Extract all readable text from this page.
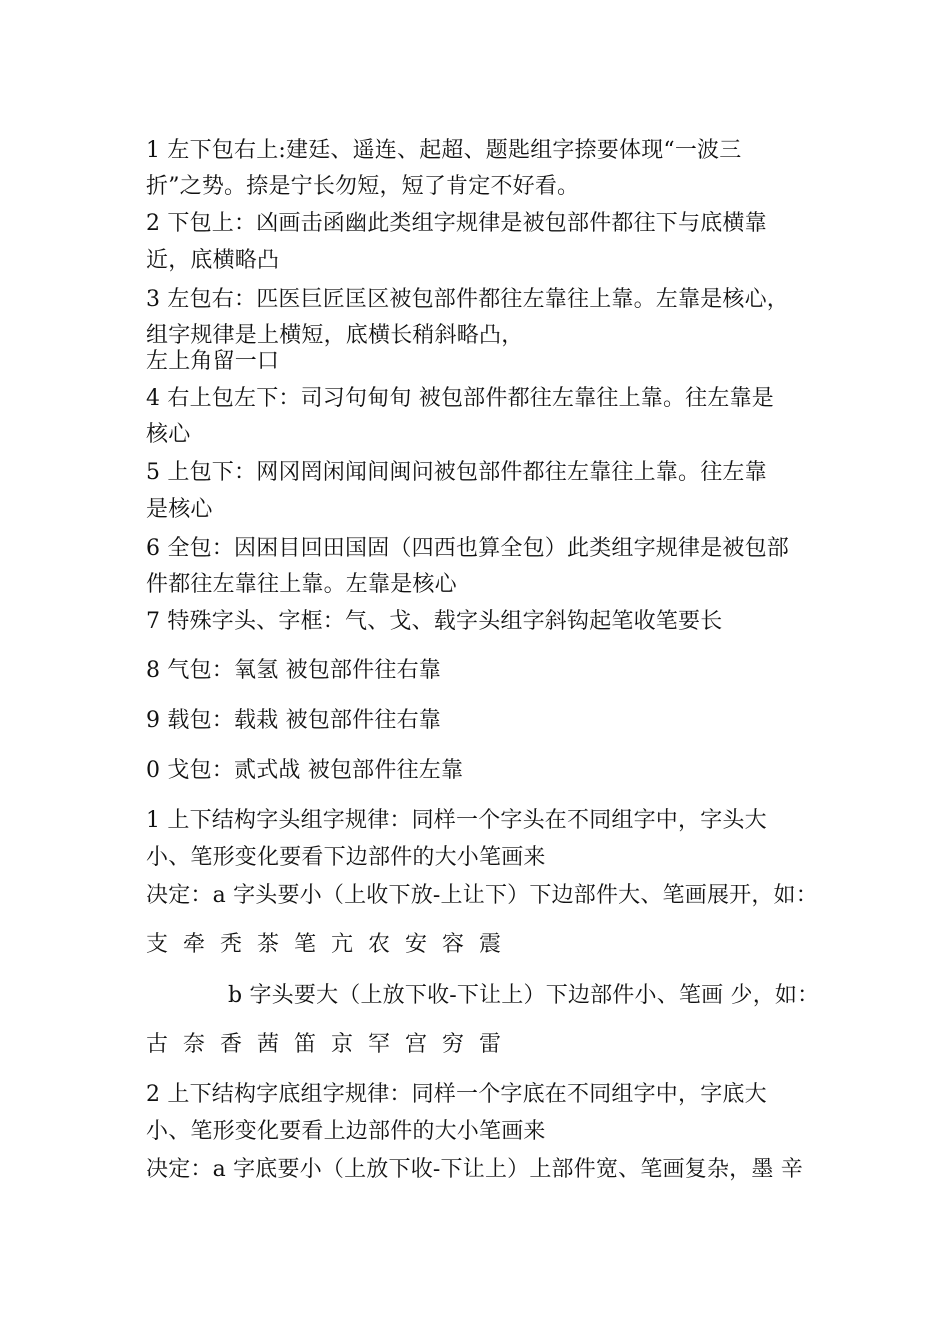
1 左下包右上:建廷、遥连、起超、题匙组字捺要体现“一波三
折”之势。捺是宁长勿短，短了肯定不好看。
2 下包上：凶画击函幽此类组字规律是被包部件都往下与底横靠
近，底横略凸
3 左包右：匹医巨匠匡区被包部件都往左靠往上靠。左靠是核心，
组字规律是上横短，底横长稍斜略凸，
左上角留一口
4 右上包左下：司习句甸旬 被包部件都往左靠往上靠。往左靠是
核心
5 上包下：网冈罔闲闻间闽问被包部件都往左靠往上靠。往左靠
是核心
6 全包：因困目回田国固（四西也算全包）此类组字规律是被包部
件都往左靠往上靠。左靠是核心
7 特殊字头、字框：气、戈、载字头组字斜钩起笔收笔要长
8 气包：氧氢 被包部件往右靠
9 载包：载栽 被包部件往右靠
0 戈包：贰式战 被包部件往左靠
1 上下结构字头组字规律：同样一个字头在不同组字中，字头大
小、笔形变化要看下边部件的大小笔画来
决定：a 字头要小（上收下放-上让下）下边部件大、笔画展开，如：
支 牵 秃 茶 笔 亢 农 安 容 震
b 字头要大（上放下收-下让上）下边部件小、笔画 少，如：
古 奈 香 茜 笛 京 罕 宫 穷 雷
2 上下结构字底组字规律：同样一个字底在不同组字中，字底大
小、笔形变化要看上边部件的大小笔画来
决定：a 字底要小（上放下收-下让上）上部件宽、笔画复杂，墨 辛
